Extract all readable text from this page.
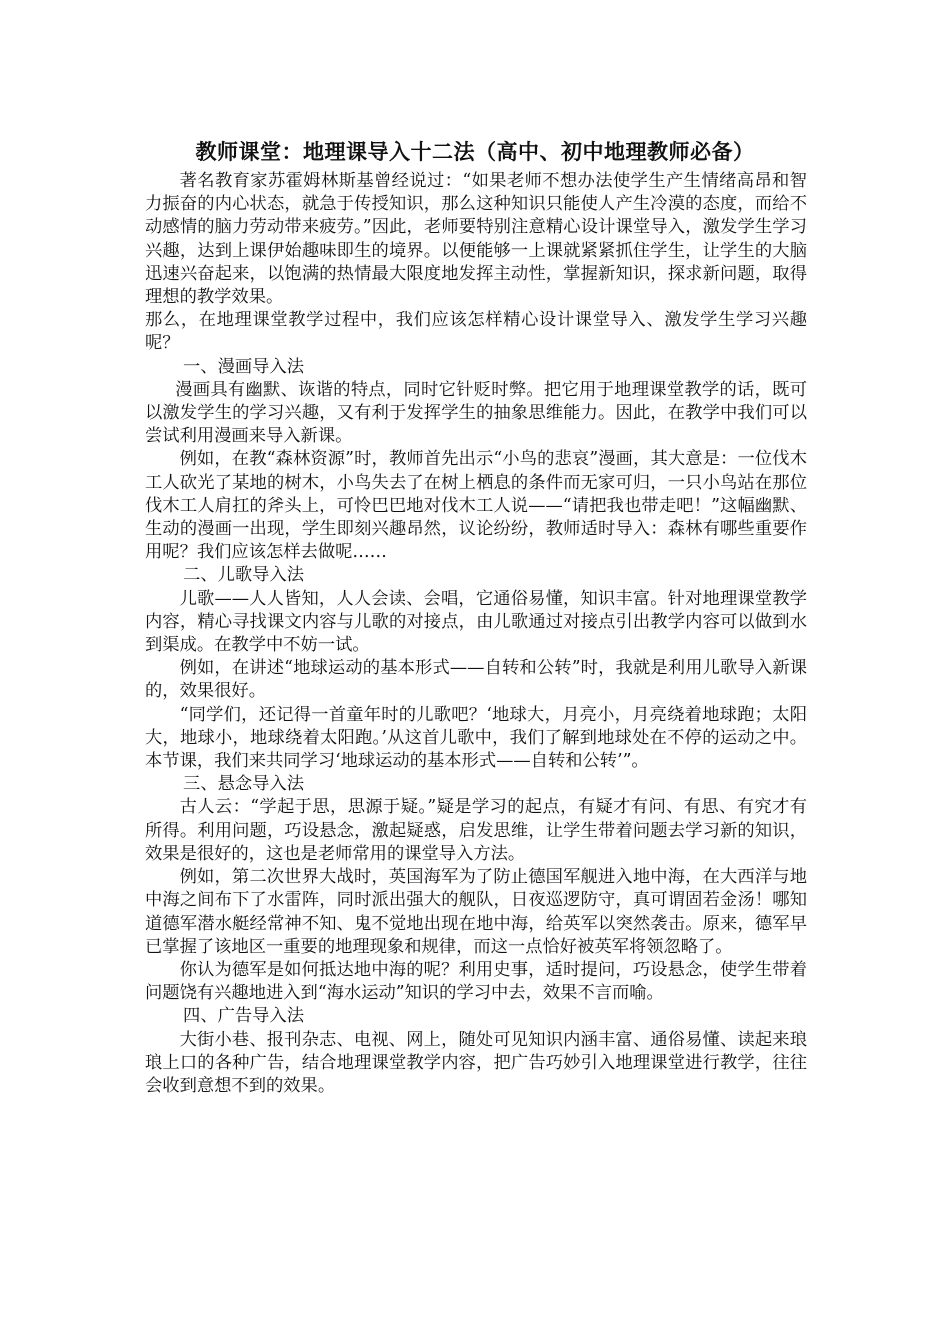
教师课堂：地理课导入十二法（高中、初中地理教师必备）

著名教育家苏霍姆林斯基曾经说过：“如果老师不想办法使学生产生情绪高昂和智力振奋的内心状态，就急于传授知识，那么这种知识只能使人产生冷漠的态度，而给不动感情的脑力劳动带来疲劳。”因此，老师要特别注意精心设计课堂导入，激发学生学习兴趣，达到上课伊始趣味即生的境界。以便能够一上课就紧紧抓住学生，让学生的大脑迅速兴奋起来，以饱满的热情最大限度地发挥主动性，掌握新知识，探求新问题，取得理想的教学效果。

那么，在地理课堂教学过程中，我们应该怎样精心设计课堂导入、激发学生学习兴趣呢？

一、漫画导入法

漫画具有幽默、诙谐的特点，同时它针贬时弊。把它用于地理课堂教学的话，既可以激发学生的学习兴趣，又有利于发挥学生的抽象思维能力。因此，在教学中我们可以尝试利用漫画来导入新课。

例如，在教“森林资源”时，教师首先出示“小鸟的悲哀”漫画，其大意是：一位伐木工人砍光了某地的树木，小鸟失去了在树上栖息的条件而无家可归，一只小鸟站在那位伐木工人肩扛的斧头上，可怜巴巴地对伐木工人说——“请把我也带走吧！”这幅幽默、生动的漫画一出现，学生即刻兴趣昂然，议论纷纷，教师适时导入：森林有哪些重要作用呢？我们应该怎样去做呢……

二、儿歌导入法

儿歌——人人皆知，人人会读、会唱，它通俗易懂，知识丰富。针对地理课堂教学内容，精心寻找课文内容与儿歌的对接点，由儿歌通过对接点引出教学内容可以做到水到渠成。在教学中不妨一试。

例如，在讲述“地球运动的基本形式——自转和公转”时，我就是利用儿歌导入新课的，效果很好。

“同学们，还记得一首童年时的儿歌吧？‘地球大，月亮小，月亮绕着地球跑；太阳大，地球小，地球绕着太阳跑。’从这首儿歌中，我们了解到地球处在不停的运动之中。本节课，我们来共同学习‘地球运动的基本形式——自转和公转’”。

三、悬念导入法

古人云：“学起于思，思源于疑。”疑是学习的起点，有疑才有问、有思、有究才有所得。利用问题，巧设悬念，激起疑惑，启发思维，让学生带着问题去学习新的知识，效果是很好的，这也是老师常用的课堂导入方法。

例如，第二次世界大战时，英国海军为了防止德国军舰进入地中海，在大西洋与地中海之间布下了水雷阵，同时派出强大的舰队，日夜巡逻防守，真可谓固若金汤！哪知道德军潜水艇经常神不知、鬼不觉地出现在地中海，给英军以突然袭击。原来，德军早已掌握了该地区一重要的地理现象和规律，而这一点恰好被英军将领忽略了。

你认为德军是如何抵达地中海的呢？利用史事，适时提问，巧设悬念，使学生带着问题饶有兴趣地进入到“海水运动”知识的学习中去，效果不言而喻。

四、广告导入法

大街小巷、报刊杂志、电视、网上，随处可见知识内涵丰富、通俗易懂、读起来琅琅上口的各种广告，结合地理课堂教学内容，把广告巧妙引入地理课堂进行教学，往往会收到意想不到的效果。
